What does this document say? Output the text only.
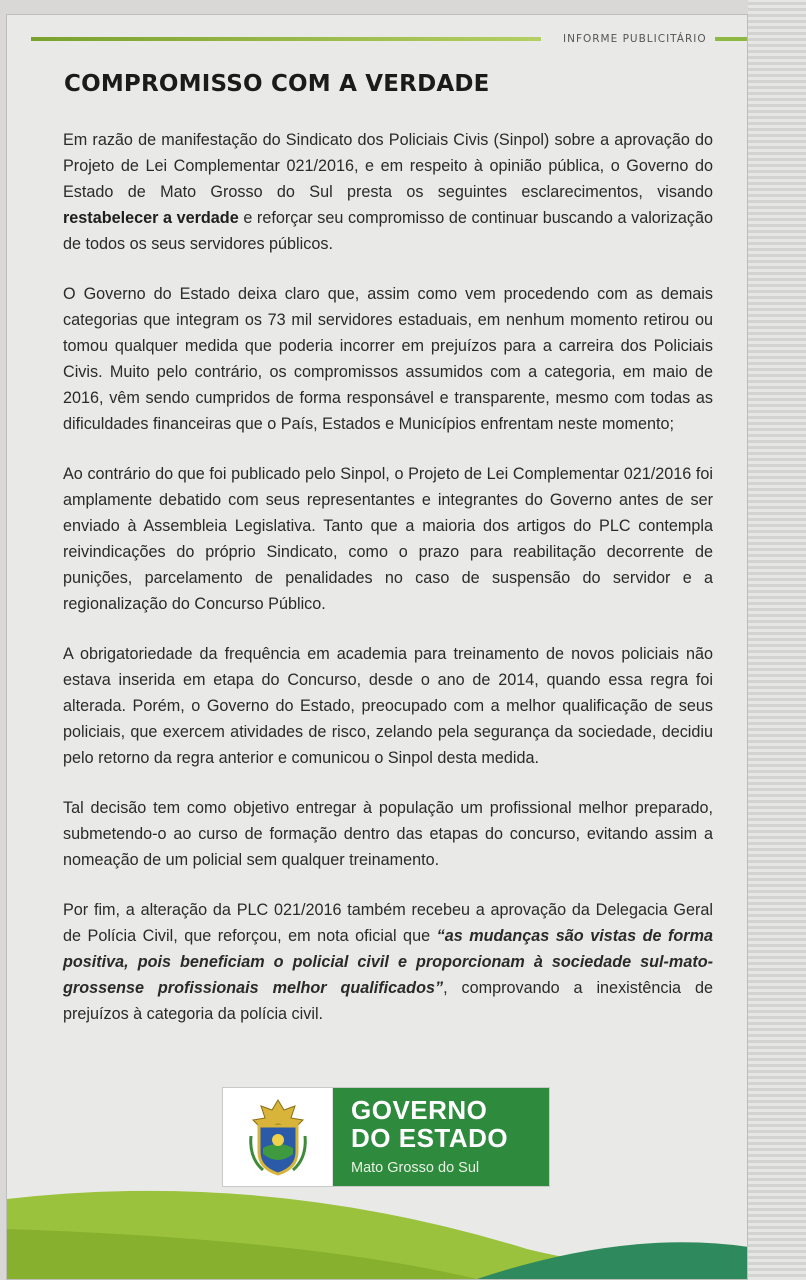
INFORME PUBLICITÁRIO
COMPROMISSO COM A VERDADE

Em razão de manifestação do Sindicato dos Policiais Civis (Sinpol) sobre a aprovação do Projeto de Lei Complementar 021/2016, e em respeito à opinião pública, o Governo do Estado de Mato Grosso do Sul presta os seguintes esclarecimentos, visando restabelecer a verdade e reforçar seu compromisso de continuar buscando a valorização de todos os seus servidores públicos.

O Governo do Estado deixa claro que, assim como vem procedendo com as demais categorias que integram os 73 mil servidores estaduais, em nenhum momento retirou ou tomou qualquer medida que poderia incorrer em prejuízos para a carreira dos Policiais Civis. Muito pelo contrário, os compromissos assumidos com a categoria, em maio de 2016, vêm sendo cumpridos de forma responsável e transparente, mesmo com todas as dificuldades financeiras que o País, Estados e Municípios enfrentam neste momento;

Ao contrário do que foi publicado pelo Sinpol, o Projeto de Lei Complementar 021/2016 foi amplamente debatido com seus representantes e integrantes do Governo antes de ser enviado à Assembleia Legislativa. Tanto que a maioria dos artigos do PLC contempla reivindicações do próprio Sindicato, como o prazo para reabilitação decorrente de punições, parcelamento de penalidades no caso de suspensão do servidor e a regionalização do Concurso Público.

A obrigatoriedade da frequência em academia para treinamento de novos policiais não estava inserida em etapa do Concurso, desde o ano de 2014, quando essa regra foi alterada. Porém, o Governo do Estado, preocupado com a melhor qualificação de seus policiais, que exercem atividades de risco, zelando pela segurança da sociedade, decidiu pelo retorno da regra anterior e comunicou o Sinpol desta medida.

Tal decisão tem como objetivo entregar à população um profissional melhor preparado, submetendo-o ao curso de formação dentro das etapas do concurso, evitando assim a nomeação de um policial sem qualquer treinamento.

Por fim, a alteração da PLC 021/2016 também recebeu a aprovação da Delegacia Geral de Polícia Civil, que reforçou, em nota oficial que “as mudanças são vistas de forma positiva, pois beneficiam o policial civil e proporcionam à sociedade sul-mato-grossense profissionais melhor qualificados”, comprovando a inexistência de prejuízos à categoria da polícia civil.

GOVERNO
DO ESTADO
Mato Grosso do Sul
